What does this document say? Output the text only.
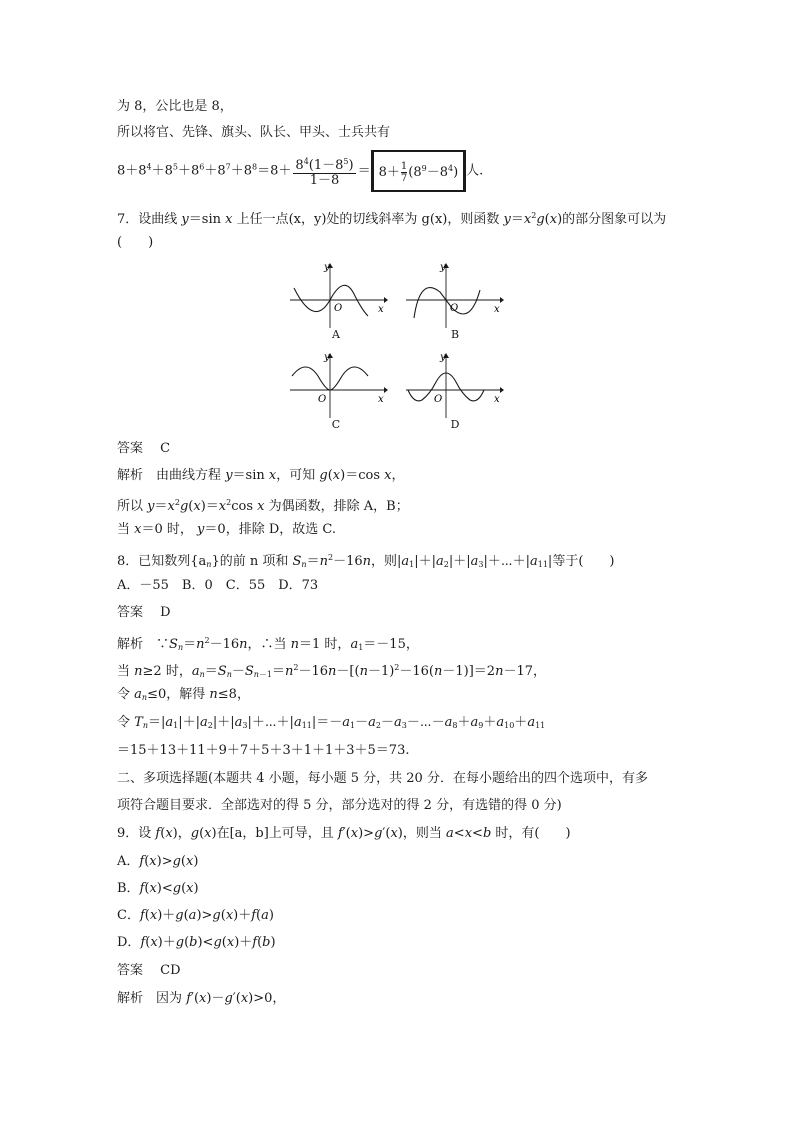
为 8，公比也是 8，
所以将官、先锋、旗头、队长、甲头、士兵共有
$8+8^4+8^5+8^6+8^7+8^8=8+ \frac{8^4(1-8^5)}{1-8} = 8+ \frac{1}{7} (8^9-8^4)$ 人.
7．设曲线 y＝sin x 上任一点(x，y)处的切线斜率为 g(x)，则函数 $y=x^2g(x)$的部分图象可以为
(　　)
y
x
O
A
y
x
O
B
y
x
O
C
y
x
O
D
答案　 C
解析　 由曲线方程 y＝sin x，可知 g(x)＝cos x，
所以 $y=x^2g(x)=x^2\cos$ x 为偶函数，排除 A，B；
当 x＝0 时， y＝0，排除 D，故选 C.
8．已知数列$\{a_n\}$的前 n 项和 $S_n=n^2-16n$，则$|a_1|+|a_2|+|a_3|+\cdots+|a_{11}|$等于(　　)
A．－55　B．0　C．55　D．73
答案　 D
解析　$\because S_n=n^2-16n$，∴当 n＝1 时，$a_1=-15$，
当 n≥2 时，$a_n=S_n-S_{n-1}=n^2-16n-[(n-1)^2-16(n-1)]=2n-17$，
令 $a_n\le 0$，解得 n≤8，
令 $T_n=|a_1|+|a_2|+|a_3|+\cdots+|a_{11}|=-a_1-a_2-a_3-\cdots-a_8+a_9+a_{10}+a_{11}$
＝15＋13＋11＋9＋7＋5＋3＋1＋1＋3＋5＝73.
二、多项选择题(本题共 4 小题，每小题 5 分，共 20 分．在每小题给出的四个选项中，有多
项符合题目要求．全部选对的得 5 分，部分选对的得 2 分，有选错的得 0 分)
9．设 f(x)，g(x)在[a，b]上可导，且 f′(x)>g′(x)，则当 a<x<b 时，有(　　)
A．f(x)>g(x)
B．f(x)<g(x)
C．f(x)＋g(a)>g(x)＋f(a)
D．f(x)＋g(b)<g(x)＋f(b)
答案　 CD
解析　 因为 f′(x)－g′(x)>0，
